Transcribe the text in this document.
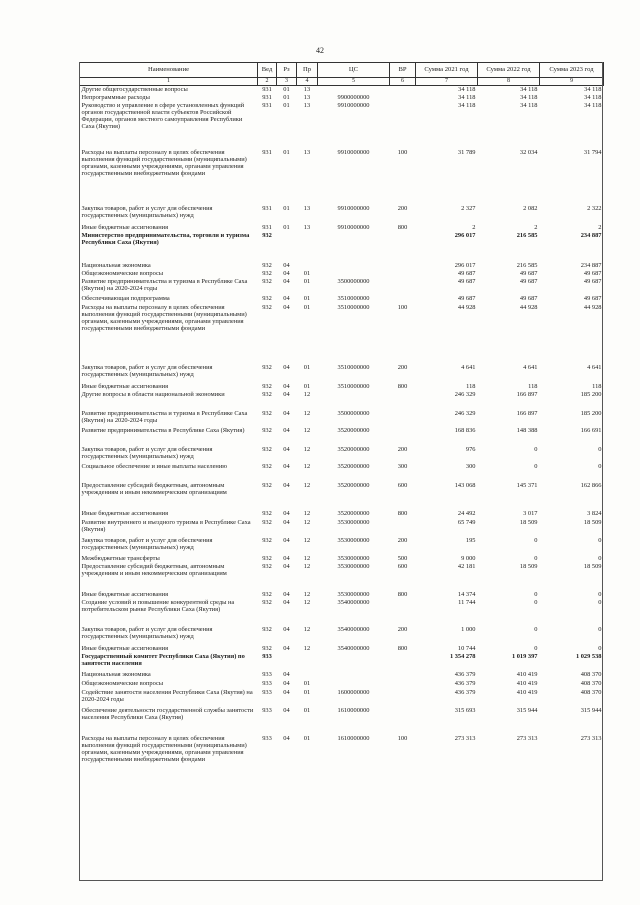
42
Наименование	Вед	Рз	Пр	ЦС	ВР	Сумма 2021 год	Сумма 2022 год	Сумма 2023 год
1	2	3	4	5	6	7	8	9
Другие общегосударственные вопросы	931	01	13			34 118	34 118	34 118
Непрограммные расходы	931	01	13	9900000000		34 118	34 118	34 118
Руководство и управление в сфере установленных функций органов государственной власти субъектов Российской Федерации, органов местного самоуправления Республики Саха (Якутия)	931	01	13	9910000000		34 118	34 118	34 118
Расходы на выплаты персоналу в целях обеспечения выполнения функций государственными (муниципальными) органами, казенными учреждениями, органами управления государственными внебюджетными фондами	931	01	13	9910000000	100	31 789	32 034	31 794
Закупка товаров, работ и услуг для обеспечения государственных (муниципальных) нужд	931	01	13	9910000000	200	2 327	2 082	2 322
Иные бюджетные ассигнования	931	01	13	9910000000	800	2	2	2
Министерство предпринимательства, торговли и туризма Республики Саха (Якутия)	932					296 017	216 585	234 887
Национальная экономика	932	04				296 017	216 585	234 887
Общеэкономические вопросы	932	04	01			49 687	49 687	49 687
Развитие предпринимательства и туризма в Республике Саха (Якутия) на 2020-2024 годы	932	04	01	3500000000		49 687	49 687	49 687
Обеспечивающая подпрограмма	932	04	01	3510000000		49 687	49 687	49 687
Расходы на выплаты персоналу в целях обеспечения выполнения функций государственными (муниципальными) органами, казенными учреждениями, органами управления государственными внебюджетными фондами	932	04	01	3510000000	100	44 928	44 928	44 928
Закупка товаров, работ и услуг для обеспечения государственных (муниципальных) нужд	932	04	01	3510000000	200	4 641	4 641	4 641
Иные бюджетные ассигнования	932	04	01	3510000000	800	118	118	118
Другие вопросы в области национальной экономики	932	04	12			246 329	166 897	185 200
Развитие предпринимательства и туризма в Республике Саха (Якутия) на 2020-2024 годы	932	04	12	3500000000		246 329	166 897	185 200
Развитие предпринимательства в Республике Саха (Якутия)	932	04	12	3520000000		168 836	148 388	166 691
Закупка товаров, работ и услуг для обеспечения государственных (муниципальных) нужд	932	04	12	3520000000	200	976	0	0
Социальное обеспечение и иные выплаты населению	932	04	12	3520000000	300	300	0	0
Предоставление субсидий бюджетным, автономным учреждениям и иным некоммерческим организациям	932	04	12	3520000000	600	143 068	145 371	162 866
Иные бюджетные ассигнования	932	04	12	3520000000	800	24 492	3 017	3 824
Развитие внутреннего и въездного туризма в Республике Саха (Якутия)	932	04	12	3530000000		65 749	18 509	18 509
Закупка товаров, работ и услуг для обеспечения государственных (муниципальных) нужд	932	04	12	3530000000	200	195	0	0
Межбюджетные трансферты	932	04	12	3530000000	500	9 000	0	0
Предоставление субсидий бюджетным, автономным учреждениям и иным некоммерческим организациям	932	04	12	3530000000	600	42 181	18 509	18 509
Иные бюджетные ассигнования	932	04	12	3530000000	800	14 374	0	0
Создание условий и повышение конкурентной среды на потребительском рынке Республики Саха (Якутия)	932	04	12	3540000000		11 744	0	0
Закупка товаров, работ и услуг для обеспечения государственных (муниципальных) нужд	932	04	12	3540000000	200	1 000	0	0
Иные бюджетные ассигнования	932	04	12	3540000000	800	10 744	0	0
Государственный комитет Республики Саха (Якутия) по занятости населения	933					1 354 278	1 019 397	1 029 538
Национальная экономика	933	04				436 379	410 419	408 370
Общеэкономические вопросы	933	04	01			436 379	410 419	408 370
Содействие занятости населения Республики Саха (Якутия) на 2020-2024 годы	933	04	01	1600000000		436 379	410 419	408 370
Обеспечение деятельности государственной службы занятости населения Республики Саха (Якутия)	933	04	01	1610000000		315 693	315 944	315 944
Расходы на выплаты персоналу в целях обеспечения выполнения функций государственными (муниципальными) органами, казенными учреждениями, органами управления государственными внебюджетными фондами	933	04	01	1610000000	100	273 313	273 313	273 313
